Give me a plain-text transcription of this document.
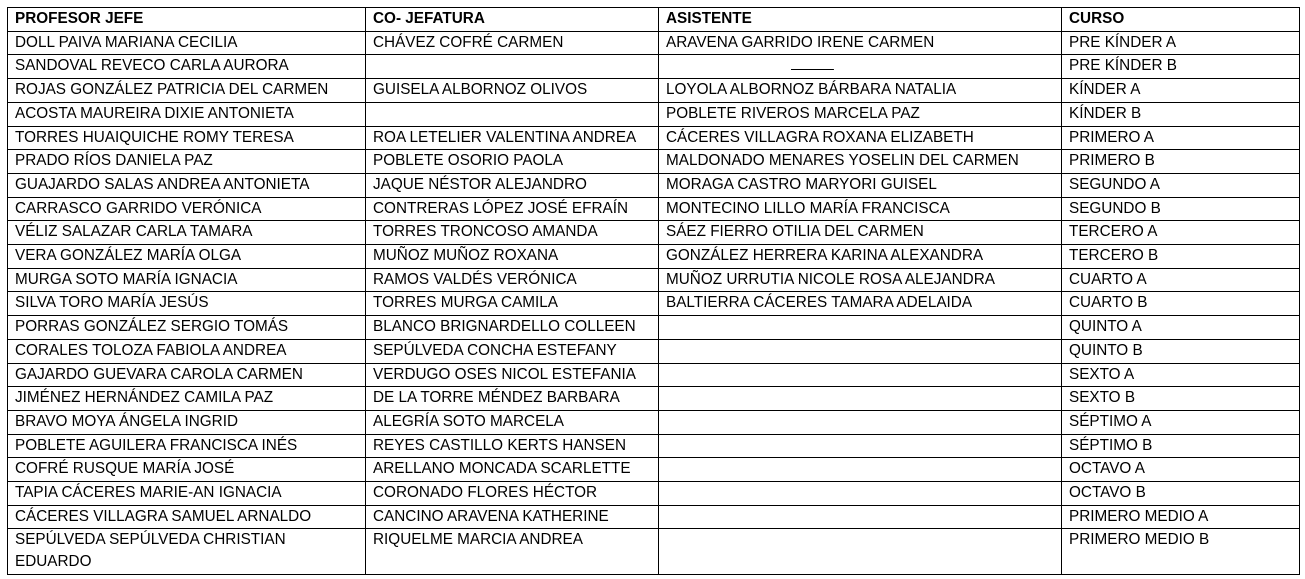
PROFESOR JEFE	CO- JEFATURA	ASISTENTE	CURSO
DOLL PAIVA MARIANA CECILIA	CHÁVEZ COFRÉ CARMEN	ARAVENA GARRIDO IRENE CARMEN	PRE KÍNDER A
SANDOVAL REVECO CARLA AURORA		_____	PRE KÍNDER B
ROJAS GONZÁLEZ PATRICIA DEL CARMEN	GUISELA ALBORNOZ OLIVOS	LOYOLA ALBORNOZ BÁRBARA NATALIA	KÍNDER A
ACOSTA MAUREIRA DIXIE ANTONIETA		POBLETE RIVEROS MARCELA PAZ	KÍNDER B
TORRES HUAIQUICHE ROMY TERESA	ROA LETELIER VALENTINA ANDREA	CÁCERES VILLAGRA ROXANA ELIZABETH	PRIMERO A
PRADO RÍOS DANIELA PAZ	POBLETE OSORIO PAOLA	MALDONADO MENARES YOSELIN DEL CARMEN	PRIMERO B
GUAJARDO SALAS ANDREA ANTONIETA	JAQUE NÉSTOR ALEJANDRO	MORAGA CASTRO MARYORI GUISEL	SEGUNDO A
CARRASCO GARRIDO VERÓNICA	CONTRERAS LÓPEZ JOSÉ EFRAÍN	MONTECINO LILLO MARÍA FRANCISCA	SEGUNDO B
VÉLIZ SALAZAR CARLA TAMARA	TORRES TRONCOSO AMANDA	SÁEZ FIERRO OTILIA DEL CARMEN	TERCERO A
VERA GONZÁLEZ MARÍA OLGA	MUÑOZ MUÑOZ ROXANA	GONZÁLEZ HERRERA KARINA ALEXANDRA	TERCERO B
MURGA SOTO MARÍA IGNACIA	RAMOS VALDÉS VERÓNICA	MUÑOZ URRUTIA NICOLE ROSA ALEJANDRA	CUARTO A
SILVA TORO MARÍA JESÚS	TORRES MURGA CAMILA	BALTIERRA CÁCERES TAMARA ADELAIDA	CUARTO B
PORRAS GONZÁLEZ SERGIO TOMÁS	BLANCO BRIGNARDELLO COLLEEN		QUINTO A
CORALES TOLOZA FABIOLA ANDREA	SEPÚLVEDA CONCHA ESTEFANY		QUINTO B
GAJARDO GUEVARA CAROLA CARMEN	VERDUGO OSES NICOL ESTEFANIA		SEXTO A
JIMÉNEZ HERNÁNDEZ CAMILA PAZ	DE LA TORRE MÉNDEZ BARBARA		SEXTO B
BRAVO MOYA ÁNGELA INGRID	ALEGRÍA SOTO MARCELA		SÉPTIMO A
POBLETE AGUILERA FRANCISCA INÉS	REYES CASTILLO KERTS HANSEN		SÉPTIMO B
COFRÉ RUSQUE MARÍA JOSÉ	ARELLANO MONCADA SCARLETTE		OCTAVO A
TAPIA CÁCERES MARIE-AN IGNACIA	CORONADO FLORES HÉCTOR		OCTAVO B
CÁCERES VILLAGRA SAMUEL ARNALDO	CANCINO ARAVENA KATHERINE		PRIMERO MEDIO A
SEPÚLVEDA SEPÚLVEDA CHRISTIAN EDUARDO	RIQUELME MARCIA ANDREA		PRIMERO MEDIO B
